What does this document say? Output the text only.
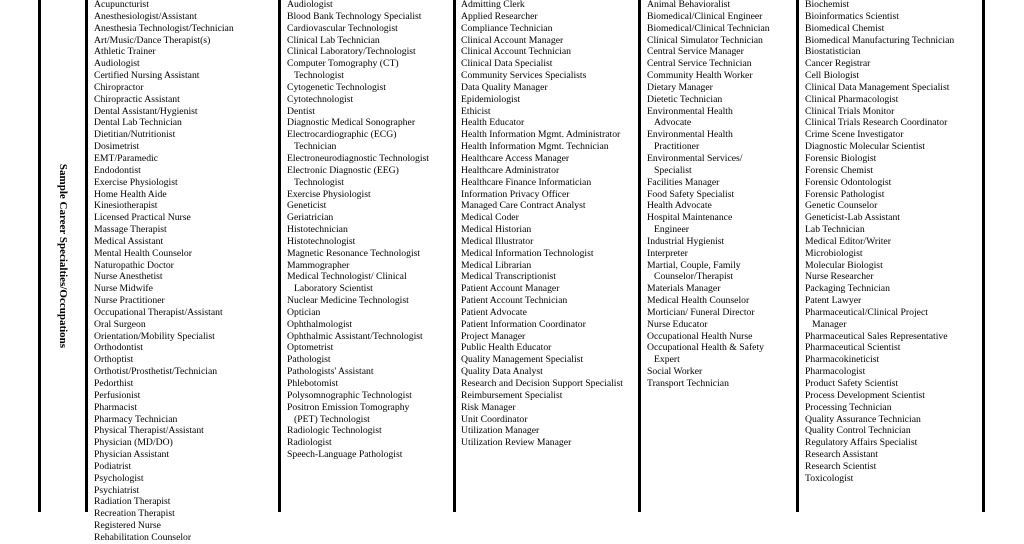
Sample Career Specialties/Occupations
Acupuncturist
Anesthesiologist/Assistant
Anesthesia Technologist/Technician
Art/Music/Dance Therapist(s)
Athletic Trainer
Audiologist
Certified Nursing Assistant
Chiropractor
Chiropractic Assistant
Dental Assistant/Hygienist
Dental Lab Technician
Dietitian/Nutritionist
Dosimetrist
EMT/Paramedic
Endodontist
Exercise Physiologist
Home Health Aide
Kinesiotherapist
Licensed Practical Nurse
Massage Therapist
Medical Assistant
Mental Health Counselor
Naturopathic Doctor
Nurse Anesthetist
Nurse Midwife
Nurse Practitioner
Occupational Therapist/Assistant
Oral Surgeon
Orientation/Mobility Specialist
Orthodontist
Orthoptist
Orthotist/Prosthetist/Technician
Pedorthist
Perfusionist
Pharmacist
Pharmacy Technician
Physical Therapist/Assistant
Physician (MD/DO)
Physician Assistant
Podiatrist
Psychologist
Psychiatrist
Radiation Therapist
Recreation Therapist
Registered Nurse
Rehabilitation Counselor
Audiologist
Blood Bank Technology Specialist
Cardiovascular Technologist
Clinical Lab Technician
Clinical Laboratory/Technologist
Computer Tomography (CT)
Technologist
Cytogenetic Technologist
Cytotechnologist
Dentist
Diagnostic Medical Sonographer
Electrocardiographic (ECG)
Technician
Electroneurodiagnostic Technologist
Electronic Diagnostic (EEG)
Technologist
Exercise Physiologist
Geneticist
Geriatrician
Histotechnician
Histotechnologist
Magnetic Resonance Technologist
Mammographer
Medical Technologist/ Clinical
Laboratory Scientist
Nuclear Medicine Technologist
Optician
Ophthalmologist
Ophthalmic Assistant/Technologist
Optometrist
Pathologist
Pathologists' Assistant
Phlebotomist
Polysomnographic Technologist
Positron Emission Tomography
(PET) Technologist
Radiologic Technologist
Radiologist
Speech-Language Pathologist
Admitting Clerk
Applied Researcher
Compliance Technician
Clinical Account Manager
Clinical Account Technician
Clinical Data Specialist
Community Services Specialists
Data Quality Manager
Epidemiologist
Ethicist
Health Educator
Health Information Mgmt. Administrator
Health Information Mgmt. Technician
Healthcare Access Manager
Healthcare Administrator
Healthcare Finance Informatician
Information Privacy Officer
Managed Care Contract Analyst
Medical Coder
Medical Historian
Medical Illustrator
Medical Information Technologist
Medical Librarian
Medical Transcriptionist
Patient Account Manager
Patient Account Technician
Patient Advocate
Patient Information Coordinator
Project Manager
Public Health Educator
Quality Management Specialist
Quality Data Analyst
Research and Decision Support Specialist
Reimbursement Specialist
Risk Manager
Unit Coordinator
Utilization Manager
Utilization Review Manager
Animal Behavioralist
Biomedical/Clinical Engineer
Biomedical/Clinical Technician
Clinical Simulator Technician
Central Service Manager
Central Service Technician
Community Health Worker
Dietary Manager
Dietetic Technician
Environmental Health
Advocate
Environmental Health
Practitioner
Environmental Services/
Specialist
Facilities Manager
Food Safety Specialist
Health Advocate
Hospital Maintenance
Engineer
Industrial Hygienist
Interpreter
Martial, Couple, Family
Counselor/Therapist
Materials Manager
Medical Health Counselor
Mortician/ Funeral Director
Nurse Educator
Occupational Health Nurse
Occupational Health & Safety
Expert
Social Worker
Transport Technician
Biochemist
Bioinformatics Scientist
Biomedical Chemist
Biomedical Manufacturing Technician
Biostatistician
Cancer Registrar
Cell Biologist
Clinical Data Management Specialist
Clinical Pharmacologist
Clinical Trials Monitor
Clinical Trials Research Coordinator
Crime Scene Investigator
Diagnostic Molecular Scientist
Forensic Biologist
Forensic Chemist
Forensic Odontologist
Forensic Pathologist
Genetic Counselor
Geneticist-Lab Assistant
Lab Technician
Medical Editor/Writer
Microbiologist
Molecular Biologist
Nurse Researcher
Packaging Technician
Patent Lawyer
Pharmaceutical/Clinical Project
Manager
Pharmaceutical Sales Representative
Pharmaceutical Scientist
Pharmacokineticist
Pharmacologist
Product Safety Scientist
Process Development Scientist
Processing Technician
Quality Assurance Technician
Quality Control Technician
Regulatory Affairs Specialist
Research Assistant
Research Scientist
Toxicologist
